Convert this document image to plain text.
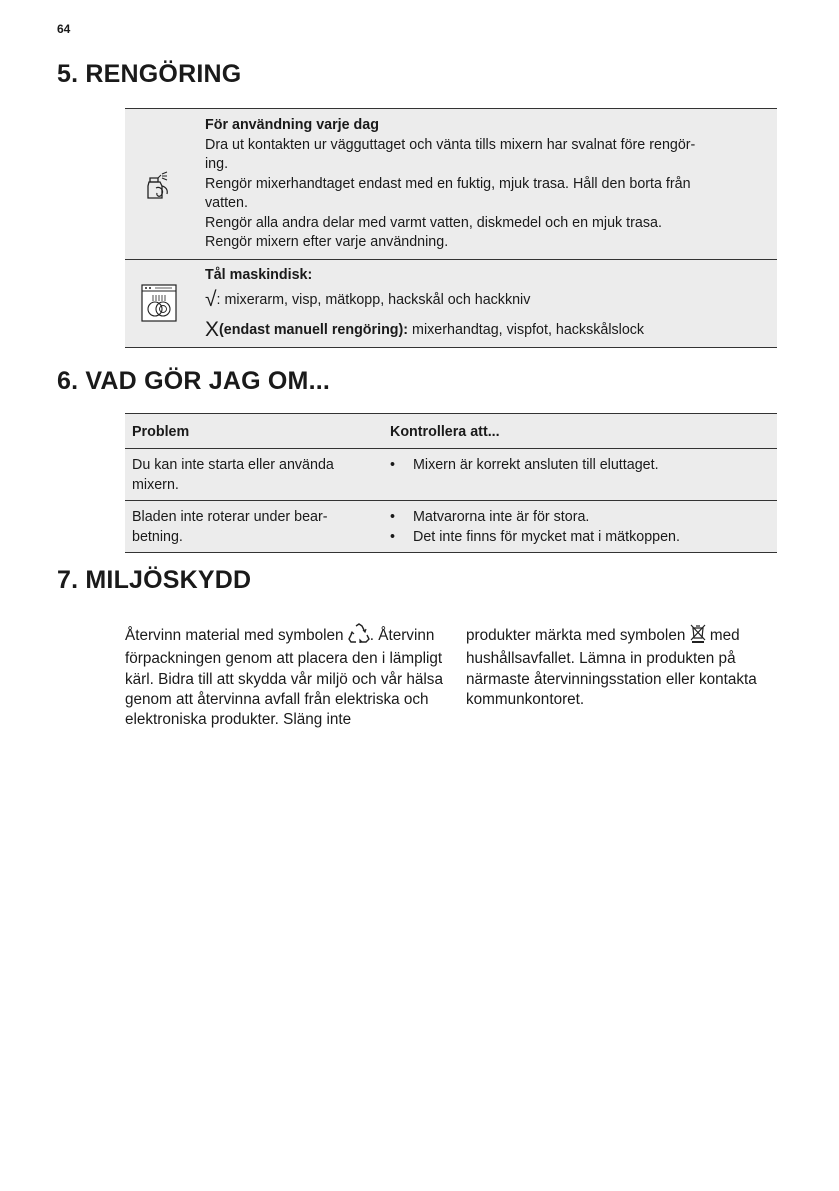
64
5. RENGÖRING
För användning varje dag
Dra ut kontakten ur vägguttaget och vänta tills mixern har svalnat före rengör-
ing.
Rengör mixerhandtaget endast med en fuktig, mjuk trasa. Håll den borta från
vatten.
Rengör alla andra delar med varmt vatten, diskmedel och en mjuk trasa.
Rengör mixern efter varje användning.
Tål maskindisk:
√: mixerarm, visp, mätkopp, hackskål och hackkniv
X(endast manuell rengöring): mixerhandtag, vispfot, hackskålslock
6. VAD GÖR JAG OM...
Problem	Kontrollera att...
Du kan inte starta eller använda mixern.
•	Mixern är korrekt ansluten till eluttaget.
Bladen inte roterar under bear-betning.
•	Matvarorna inte är för stora.
•	Det inte finns för mycket mat i mätkoppen.
7. MILJÖSKYDD
Återvinn material med symbolen . Återvinn förpackningen genom att placera den i lämpligt kärl. Bidra till att skydda vår miljö och vår hälsa genom att återvinna avfall från elektriska och elektroniska produkter. Släng inte
produkter märkta med symbolen  med hushållsavfallet. Lämna in produkten på närmaste återvinningsstation eller kontakta kommunkontoret.
